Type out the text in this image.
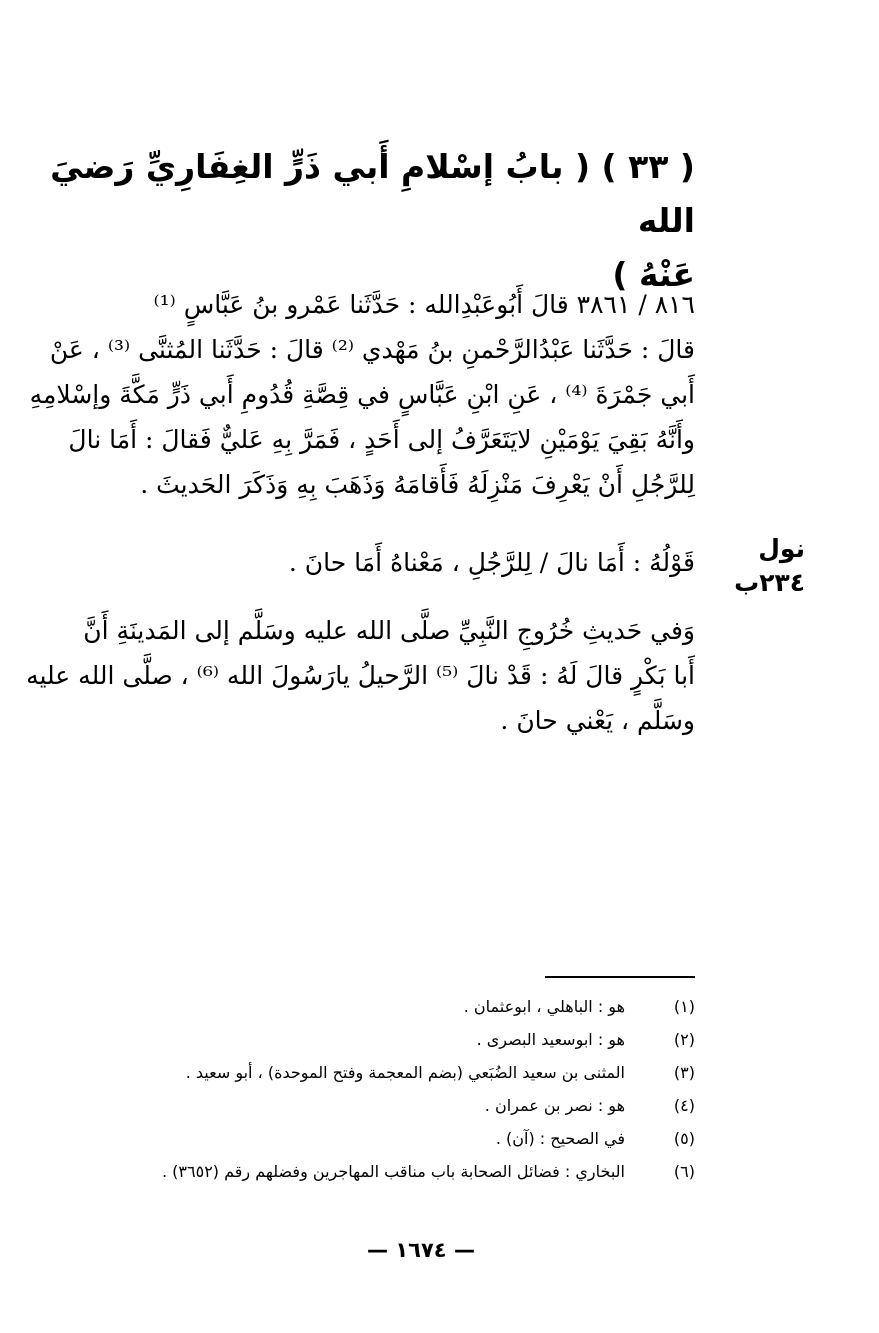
( ٣٣ ) ( بابُ إسْلامِ أَبي ذَرٍّ الغِفَارِيِّ رَضيَ الله
عَنْهُ )
٨١٦ / ٣٨٦١ قالَ أَبُوعَبْدِالله : حَدَّثَنا عَمْرو بنُ عَبَّاسٍ ⁽¹⁾
قالَ : حَدَّثَنا عَبْدُالرَّحْمنِ بنُ مَهْدي ⁽²⁾ قالَ : حَدَّثَنا المُثنَّى ⁽³⁾ ، عَنْ
أَبي جَمْرَةَ ⁽⁴⁾ ، عَنِ ابْنِ عَبَّاسٍ في قِصَّةِ قُدُومِ أَبي ذَرٍّ مَكَّةَ وإسْلامِهِ
وأَنَّهُ بَقِيَ يَوْمَيْنِ لايَتَعَرَّفُ إلى أَحَدٍ ، فَمَرَّ بِهِ عَليٌّ فَقالَ : أَمَا نالَ
لِلرَّجُلِ أَنْ يَعْرِفَ مَنْزِلَهُ فَأَقامَهُ وَذَهَبَ بِهِ وَذَكَرَ الحَديثَ .
قَوْلُهُ : أَمَا نالَ / لِلرَّجُلِ ، مَعْناهُ أَمَا حانَ .	نول
٢٣٤ب
وَفي حَديثِ خُرُوجِ النَّبِيِّ صلَّى الله عليه وسَلَّم إلى المَدينَةِ أَنَّ
أَبا بَكْرٍ قالَ لَهُ : قَدْ نالَ ⁽⁵⁾ الرَّحيلُ يارَسُولَ الله ⁽⁶⁾ ، صلَّى الله عليه
وسَلَّم ، يَعْني حانَ .
(١)
هو : الباهلي ، ابوعثمان .
(٢)
هو : ابوسعيد البصرى .
(٣)
المثنى بن سعيد الضُبَعي (بضم المعجمة وفتح الموحدة) ، أبو سعيد .
(٤)
هو : نصر بن عمران .
(٥)
في الصحيح : (آن) .
(٦)
البخاري : فضائل الصحابة باب مناقب المهاجرين وفضلهم رقم (٣٦٥٢) .
— ١٦٧٤ —
